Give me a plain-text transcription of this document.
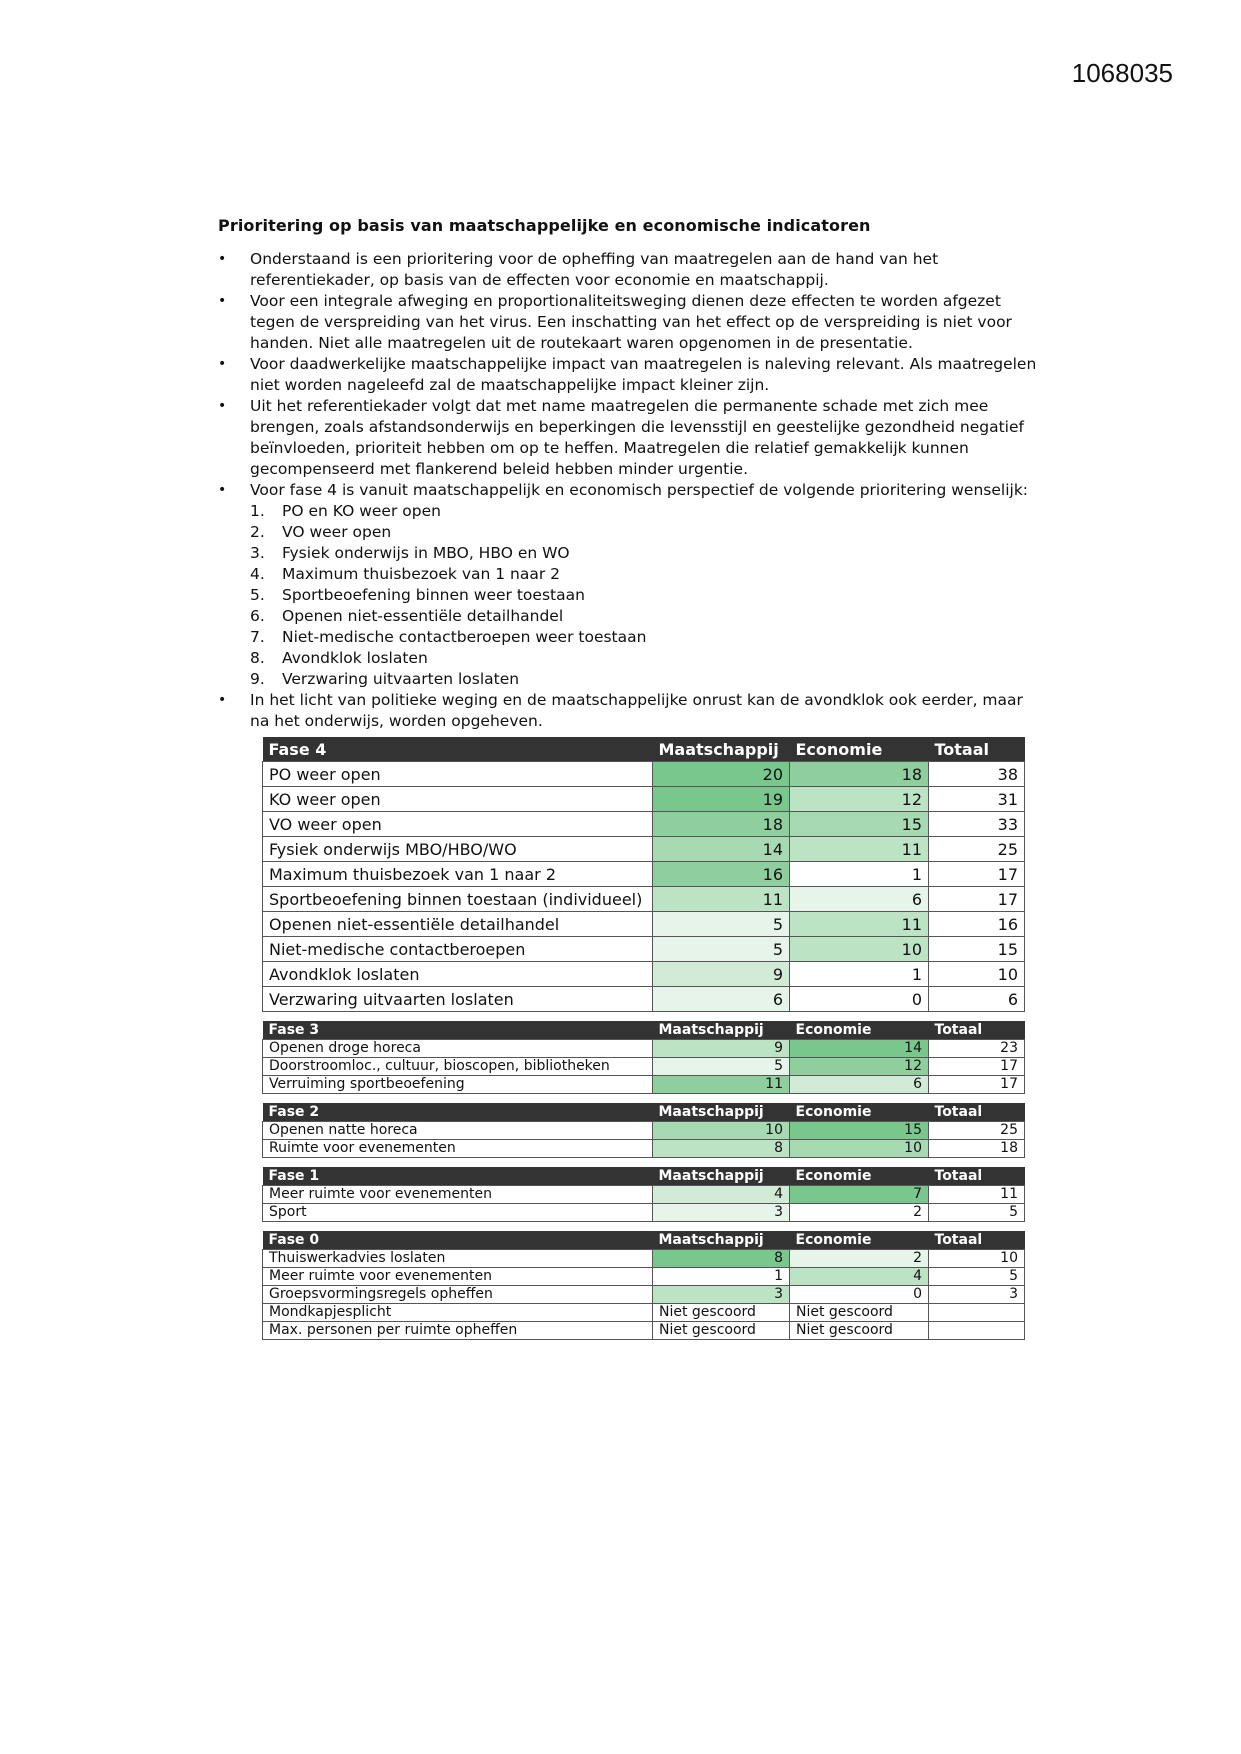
1068035
Prioritering op basis van maatschappelijke en economische indicatoren
• Onderstaand is een prioritering voor de opheffing van maatregelen aan de hand van het referentiekader, op basis van de effecten voor economie en maatschappij.
• Voor een integrale afweging en proportionaliteitsweging dienen deze effecten te worden afgezet tegen de verspreiding van het virus. Een inschatting van het effect op de verspreiding is niet voor handen. Niet alle maatregelen uit de routekaart waren opgenomen in de presentatie.
• Voor daadwerkelijke maatschappelijke impact van maatregelen is naleving relevant. Als maatregelen niet worden nageleefd zal de maatschappelijke impact kleiner zijn.
• Uit het referentiekader volgt dat met name maatregelen die permanente schade met zich mee brengen, zoals afstandsonderwijs en beperkingen die levensstijl en geestelijke gezondheid negatief beïnvloeden, prioriteit hebben om op te heffen. Maatregelen die relatief gemakkelijk kunnen gecompenseerd met flankerend beleid hebben minder urgentie.
• Voor fase 4 is vanuit maatschappelijk en economisch perspectief de volgende prioritering wenselijk:
1.	PO en KO weer open
2.	VO weer open
3.	Fysiek onderwijs in MBO, HBO en WO
4.	Maximum thuisbezoek van 1 naar 2
5.	Sportbeoefening binnen weer toestaan
6.	Openen niet-essentiële detailhandel
7.	Niet-medische contactberoepen weer toestaan
8.	Avondklok loslaten
9.	Verzwaring uitvaarten loslaten
• In het licht van politieke weging en de maatschappelijke onrust kan de avondklok ook eerder, maar na het onderwijs, worden opgeheven.
Fase 4	Maatschappij	Economie	Totaal
PO weer open	20	18	38
KO weer open	19	12	31
VO weer open	18	15	33
Fysiek onderwijs MBO/HBO/WO	14	11	25
Maximum thuisbezoek van 1 naar 2	16	1	17
Sportbeoefening binnen toestaan (individueel)	11	6	17
Openen niet-essentiële detailhandel	5	11	16
Niet-medische contactberoepen	5	10	15
Avondklok loslaten	9	1	10
Verzwaring uitvaarten loslaten	6	0	6

Fase 3	Maatschappij	Economie	Totaal
Openen droge horeca	9	14	23
Doorstroomloc., cultuur, bioscopen, bibliotheken	5	12	17
Verruiming sportbeoefening	11	6	17

Fase 2	Maatschappij	Economie	Totaal
Openen natte horeca	10	15	25
Ruimte voor evenementen	8	10	18

Fase 1	Maatschappij	Economie	Totaal
Meer ruimte voor evenementen	4	7	11
Sport	3	2	5

Fase 0	Maatschappij	Economie	Totaal
Thuiswerkadvies loslaten	8	2	10
Meer ruimte voor evenementen	1	4	5
Groepsvormingsregels opheffen	3	0	3
Mondkapjesplicht	Niet gescoord	Niet gescoord	
Max. personen per ruimte opheffen	Niet gescoord	Niet gescoord	
